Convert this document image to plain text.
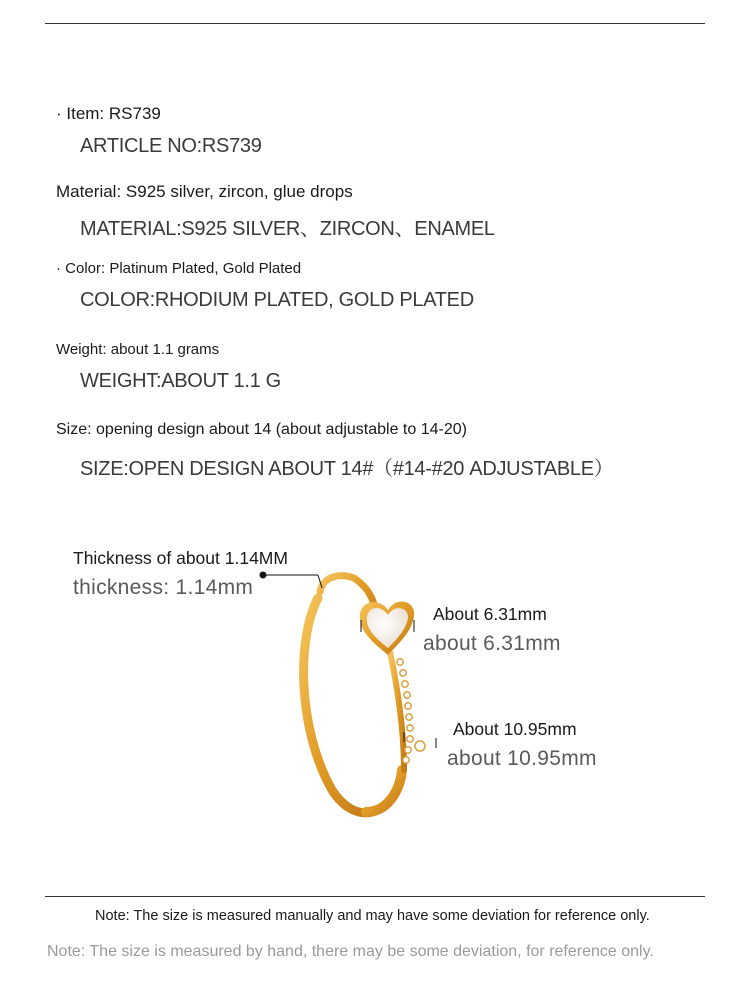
· Item: RS739
ARTICLE NO:RS739
Material: S925 silver, zircon, glue drops
MATERIAL:S925 SILVER、ZIRCON、ENAMEL
· Color: Platinum Plated, Gold Plated
COLOR:RHODIUM PLATED, GOLD PLATED
Weight: about 1.1 grams
WEIGHT:ABOUT 1.1 G
Size: opening design about 14 (about adjustable to 14-20)
SIZE:OPEN DESIGN ABOUT 14#（#14-#20 ADJUSTABLE）
Thickness of about 1.14MM
thickness: 1.14mm
About 6.31mm
about 6.31mm
About 10.95mm
about 10.95mm
Note: The size is measured manually and may have some deviation for reference only.
Note: The size is measured by hand, there may be some deviation, for reference only.
